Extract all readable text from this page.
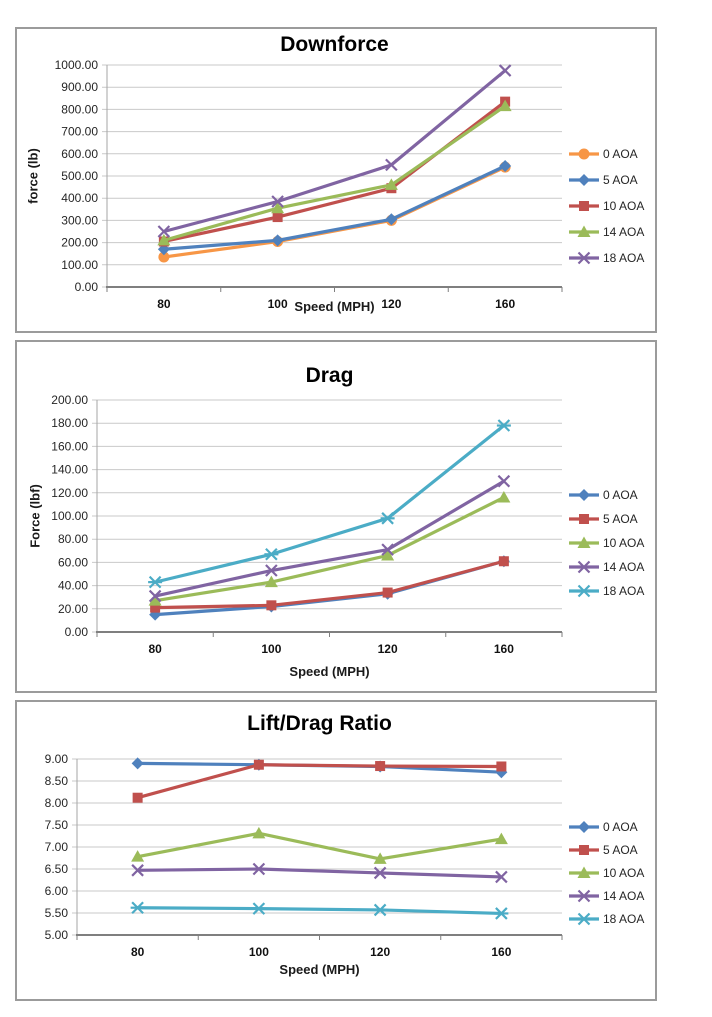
Downforce
force (lb)
1000.00
900.00
800.00
700.00
600.00
500.00
400.00
300.00
200.00
100.00
0.00
80	100	120	160
0 AOA
5 AOA
10 AOA
14 AOA
18 AOA
Speed (MPH)
Drag
Force (lbf)
200.00
180.00
160.00
140.00
120.00
100.00
80.00
60.00
40.00
20.00
0.00
80	100	120	160
0 AOA
5 AOA
10 AOA
14 AOA
18 AOA
Speed (MPH)
Lift/Drag Ratio
9.00
8.50
8.00
7.50
7.00
6.50
6.00
5.50
5.00
80	100	120	160
0 AOA
5 AOA
10 AOA
14 AOA
18 AOA
Speed (MPH)
